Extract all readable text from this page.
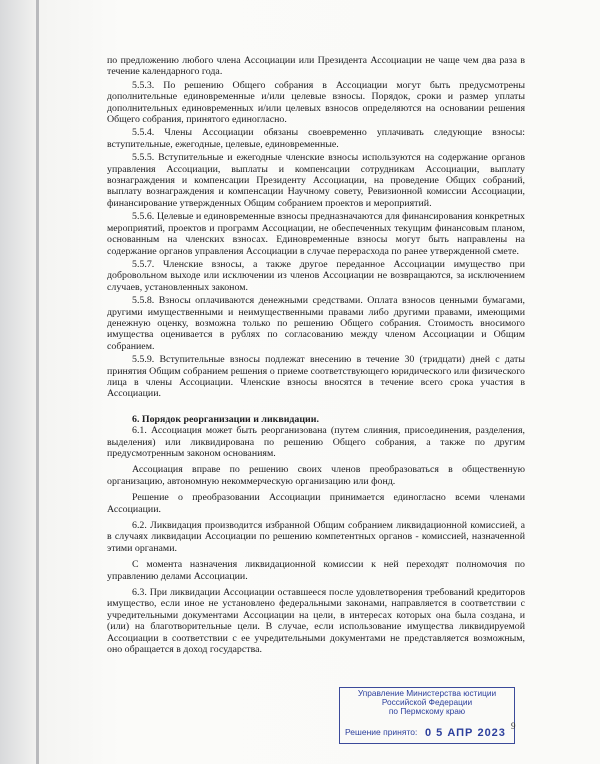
по предложению любого члена Ассоциации или Президента Ассоциации не чаще чем два раза в течение календарного года.

5.5.3. По решению Общего собрания в Ассоциации могут быть предусмотрены дополнительные единовременные и/или целевые взносы. Порядок, сроки и размер уплаты дополнительных единовременных и/или целевых взносов определяются на основании решения Общего собрания, принятого единогласно.

5.5.4. Члены Ассоциации обязаны своевременно уплачивать следующие взносы: вступительные, ежегодные, целевые, единовременные.

5.5.5. Вступительные и ежегодные членские взносы используются на содержание органов управления Ассоциации, выплаты и компенсации сотрудникам Ассоциации, выплату вознаграждения и компенсации Президенту Ассоциации, на проведение Общих собраний, выплату вознаграждения и компенсации Научному совету, Ревизионной комиссии Ассоциации, финансирование утвержденных Общим собранием проектов и мероприятий.

5.5.6. Целевые и единовременные взносы предназначаются для финансирования конкретных мероприятий, проектов и программ Ассоциации, не обеспеченных текущим финансовым планом, основанным на членских взносах. Единовременные взносы могут быть направлены на содержание органов управления Ассоциации в случае перерасхода по ранее утвержденной смете.

5.5.7. Членские взносы, а также другое переданное Ассоциации имущество при добровольном выходе или исключении из членов Ассоциации не возвращаются, за исключением случаев, установленных законом.

5.5.8. Взносы оплачиваются денежными средствами. Оплата взносов ценными бумагами, другими имущественными и неимущественными правами либо другими правами, имеющими денежную оценку, возможна только по решению Общего собрания. Стоимость вносимого имущества оценивается в рублях по согласованию между членом Ассоциации и Общим собранием.

5.5.9. Вступительные взносы подлежат внесению в течение 30 (тридцати) дней с даты принятия Общим собранием решения о приеме соответствующего юридического или физического лица в члены Ассоциации. Членские взносы вносятся в течение всего срока участия в Ассоциации.

6. Порядок реорганизации и ликвидации.

6.1. Ассоциация может быть реорганизована (путем слияния, присоединения, разделения, выделения) или ликвидирована по решению Общего собрания, а также по другим предусмотренным законом основаниям.

Ассоциация вправе по решению своих членов преобразоваться в общественную организацию, автономную некоммерческую организацию или фонд.

Решение о преобразовании Ассоциации принимается единогласно всеми членами Ассоциации.

6.2. Ликвидация производится избранной Общим собранием ликвидационной комиссией, а в случаях ликвидации Ассоциации по решению компетентных органов - комиссией, назначенной этими органами.

С момента назначения ликвидационной комиссии к ней переходят полномочия по управлению делами Ассоциации.

6.3. При ликвидации Ассоциации оставшееся после удовлетворения требований кредиторов имущество, если иное не установлено федеральными законами, направляется в соответствии с учредительными документами Ассоциации на цели, в интересах которых она была создана, и (или) на благотворительные цели. В случае, если использование имущества ликвидируемой Ассоциации в соответствии с ее учредительными документами не представляется возможным, оно обращается в доход государства.

Управление Министерства юстиции
Российской Федерации
по Пермскому краю
Решение принято: 0 5 АПР 2023
9
